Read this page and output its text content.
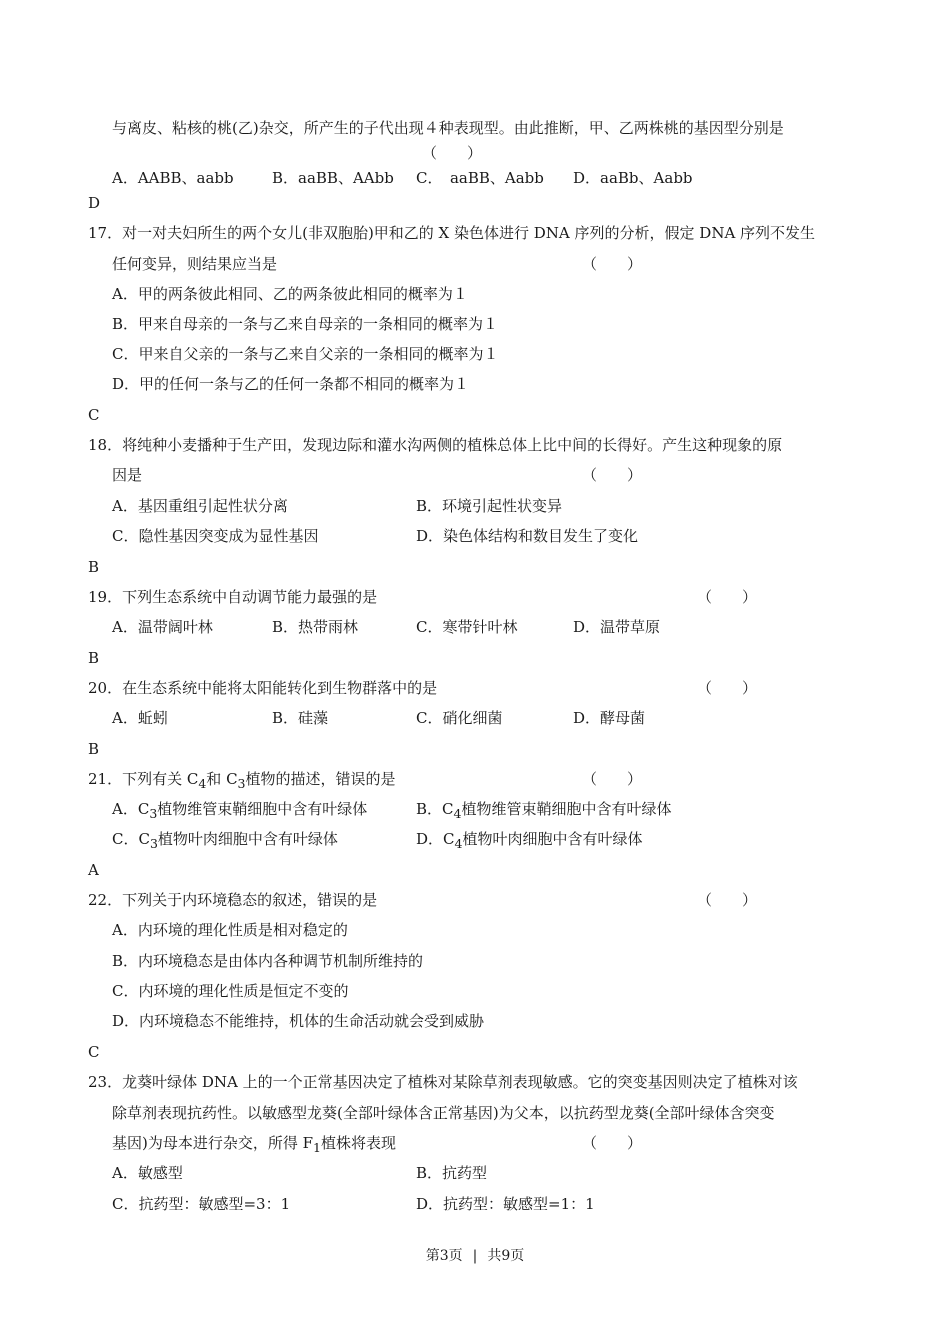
与离皮、粘核的桃(乙)杂交，所产生的子代出现４种表现型。由此推断，甲、乙两株桃的基因型分别是
（　　）
A．AABB、aabb	B．aaBB、AAbb C．　aaBB、Aabb D．aaBb、Aabb
D
17．对一对夫妇所生的两个女儿(非双胞胎)甲和乙的 X 染色体进行 DNA 序列的分析，假定 DNA 序列不发生
任何变异，则结果应当是	（　　）
A．甲的两条彼此相同、乙的两条彼此相同的概率为１
B．甲来自母亲的一条与乙来自母亲的一条相同的概率为１
C．甲来自父亲的一条与乙来自父亲的一条相同的概率为１
D．甲的任何一条与乙的任何一条都不相同的概率为１
C
18．将纯种小麦播种于生产田，发现边际和灌水沟两侧的植株总体上比中间的长得好。产生这种现象的原
因是	（　　）
A．基因重组引起性状分离	B．环境引起性状变异
C．隐性基因突变成为显性基因	D．染色体结构和数目发生了变化
B
19．下列生态系统中自动调节能力最强的是	（　　）
A．温带阔叶林	B．热带雨林	C．寒带针叶林	D．温带草原
B
20．在生态系统中能将太阳能转化到生物群落中的是	（　　）
A．蚯蚓	B．硅藻	C．硝化细菌	D．酵母菌
B
21．下列有关 $C_4$和 $C_3$植物的描述，错误的是	（　　）
A．$C_3$植物维管束鞘细胞中含有叶绿体	B．$C_4$植物维管束鞘细胞中含有叶绿体
C．$C_3$植物叶肉细胞中含有叶绿体	D．$C_4$植物叶肉细胞中含有叶绿体
A
22．下列关于内环境稳态的叙述，错误的是	（　　）
A．内环境的理化性质是相对稳定的
B．内环境稳态是由体内各种调节机制所维持的
C．内环境的理化性质是恒定不变的
D．内环境稳态不能维持，机体的生命活动就会受到威胁
C
23．龙葵叶绿体 DNA 上的一个正常基因决定了植株对某除草剂表现敏感。它的突变基因则决定了植株对该
除草剂表现抗药性。以敏感型龙葵(全部叶绿体含正常基因)为父本，以抗药型龙葵(全部叶绿体含突变
基因)为母本进行杂交，所得 $F_1$植株将表现	（　　）
A．敏感型	B．抗药型
C．抗药型：敏感型=3：1	D．抗药型：敏感型=1：1
第3页 | 共9页
